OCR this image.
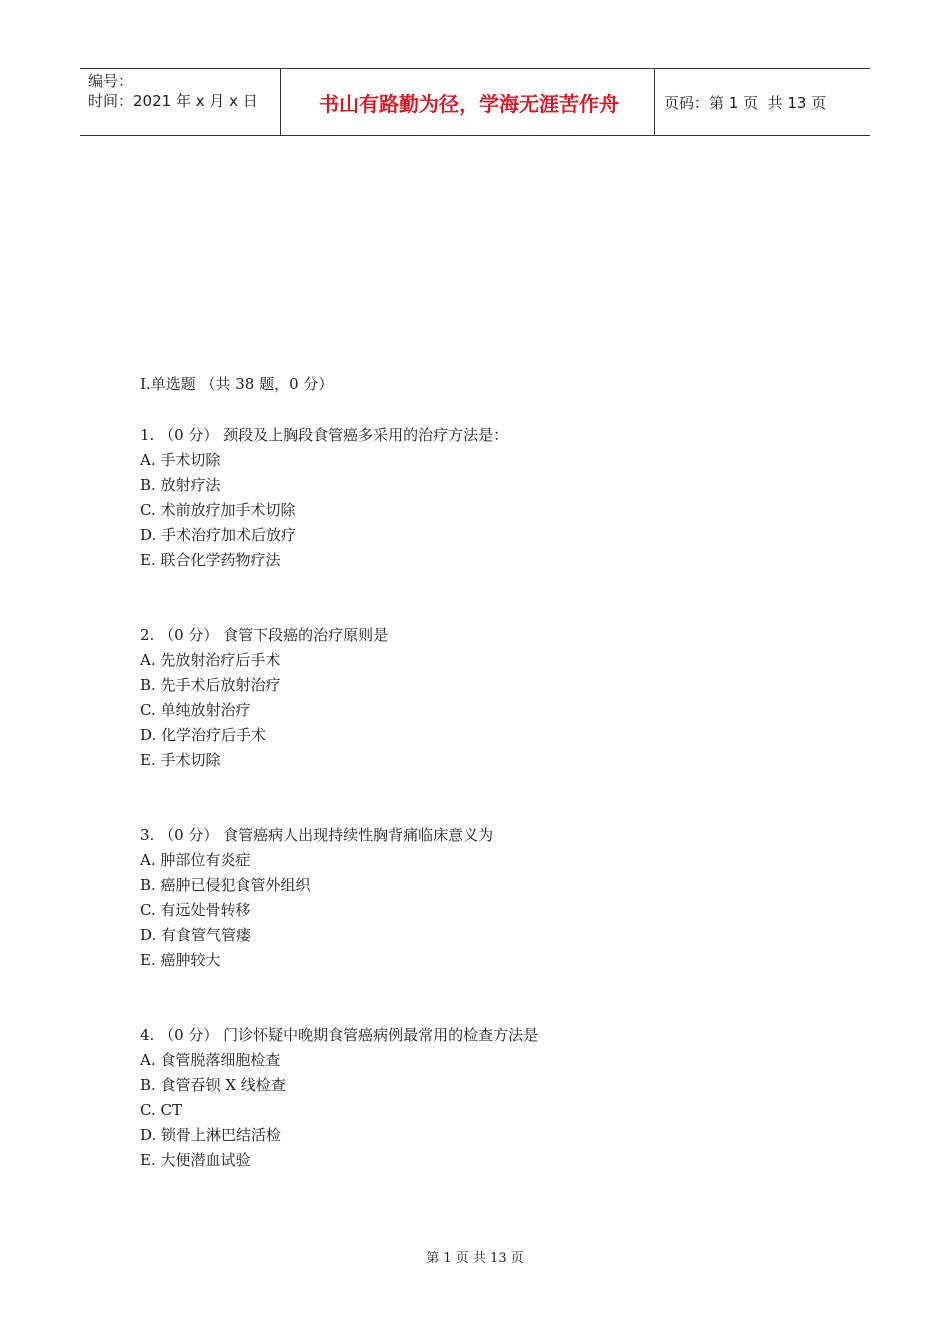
编号：
时间：2021 年 x 月 x 日	书山有路勤为径，学海无涯苦作舟	页码：第 1 页  共 13 页
I.单选题 （共 38 题，0 分）
1. （0 分） 颈段及上胸段食管癌多采用的治疗方法是：
A. 手术切除
B. 放射疗法
C. 术前放疗加手术切除
D. 手术治疗加术后放疗
E. 联合化学药物疗法
2. （0 分） 食管下段癌的治疗原则是
A. 先放射治疗后手术
B. 先手术后放射治疗
C. 单纯放射治疗
D. 化学治疗后手术
E. 手术切除
3. （0 分） 食管癌病人出现持续性胸背痛临床意义为
A. 肿部位有炎症
B. 癌肿已侵犯食管外组织
C. 有远处骨转移
D. 有食管气管瘘
E. 癌肿较大
4. （0 分） 门诊怀疑中晚期食管癌病例最常用的检查方法是
A. 食管脱落细胞检查
B. 食管吞钡 X 线检查
C. CT
D. 锁骨上淋巴结活检
E. 大便潜血试验
第 1 页 共 13 页
